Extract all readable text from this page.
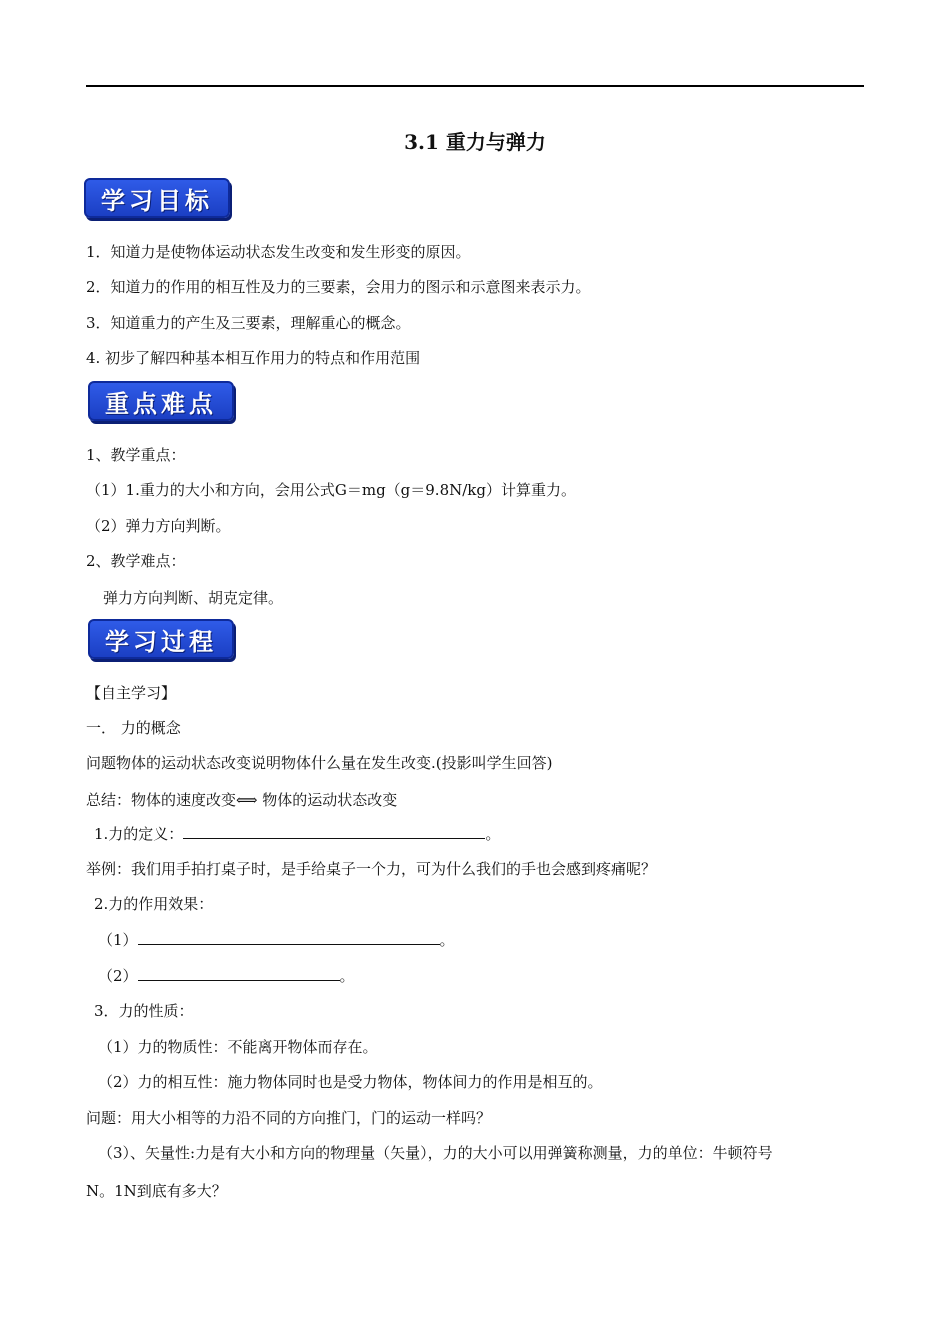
3.1 重力与弹力
学习目标
1．知道力是使物体运动状态发生改变和发生形变的原因。
2．知道力的作用的相互性及力的三要素，会用力的图示和示意图来表示力。
3．知道重力的产生及三要素，理解重心的概念。
4. 初步了解四种基本相互作用力的特点和作用范围
重点难点
1、教学重点：
（1）1.重力的大小和方向，会用公式G＝mg（g＝9.8N/kg）计算重力。
（2）弹力方向判断。
2、教学难点：
弹力方向判断、胡克定律。
学习过程
【自主学习】
一． 力的概念
问题物体的运动状态改变说明物体什么量在发生改变.(投影叫学生回答)
总结：物体的速度改变⟺ 物体的运动状态改变
1.力的定义：	。
举例：我们用手拍打桌子时，是手给桌子一个力，可为什么我们的手也会感到疼痛呢？
2.力的作用效果：
（1）	。
（2）	。
3．力的性质：
（1）力的物质性：不能离开物体而存在。
（2）力的相互性：施力物体同时也是受力物体，物体间力的作用是相互的。
问题：用大小相等的力沿不同的方向推门，门的运动一样吗？
（3）、矢量性:力是有大小和方向的物理量（矢量），力的大小可以用弹簧称测量，力的单位：牛顿符号
N。1N到底有多大？
